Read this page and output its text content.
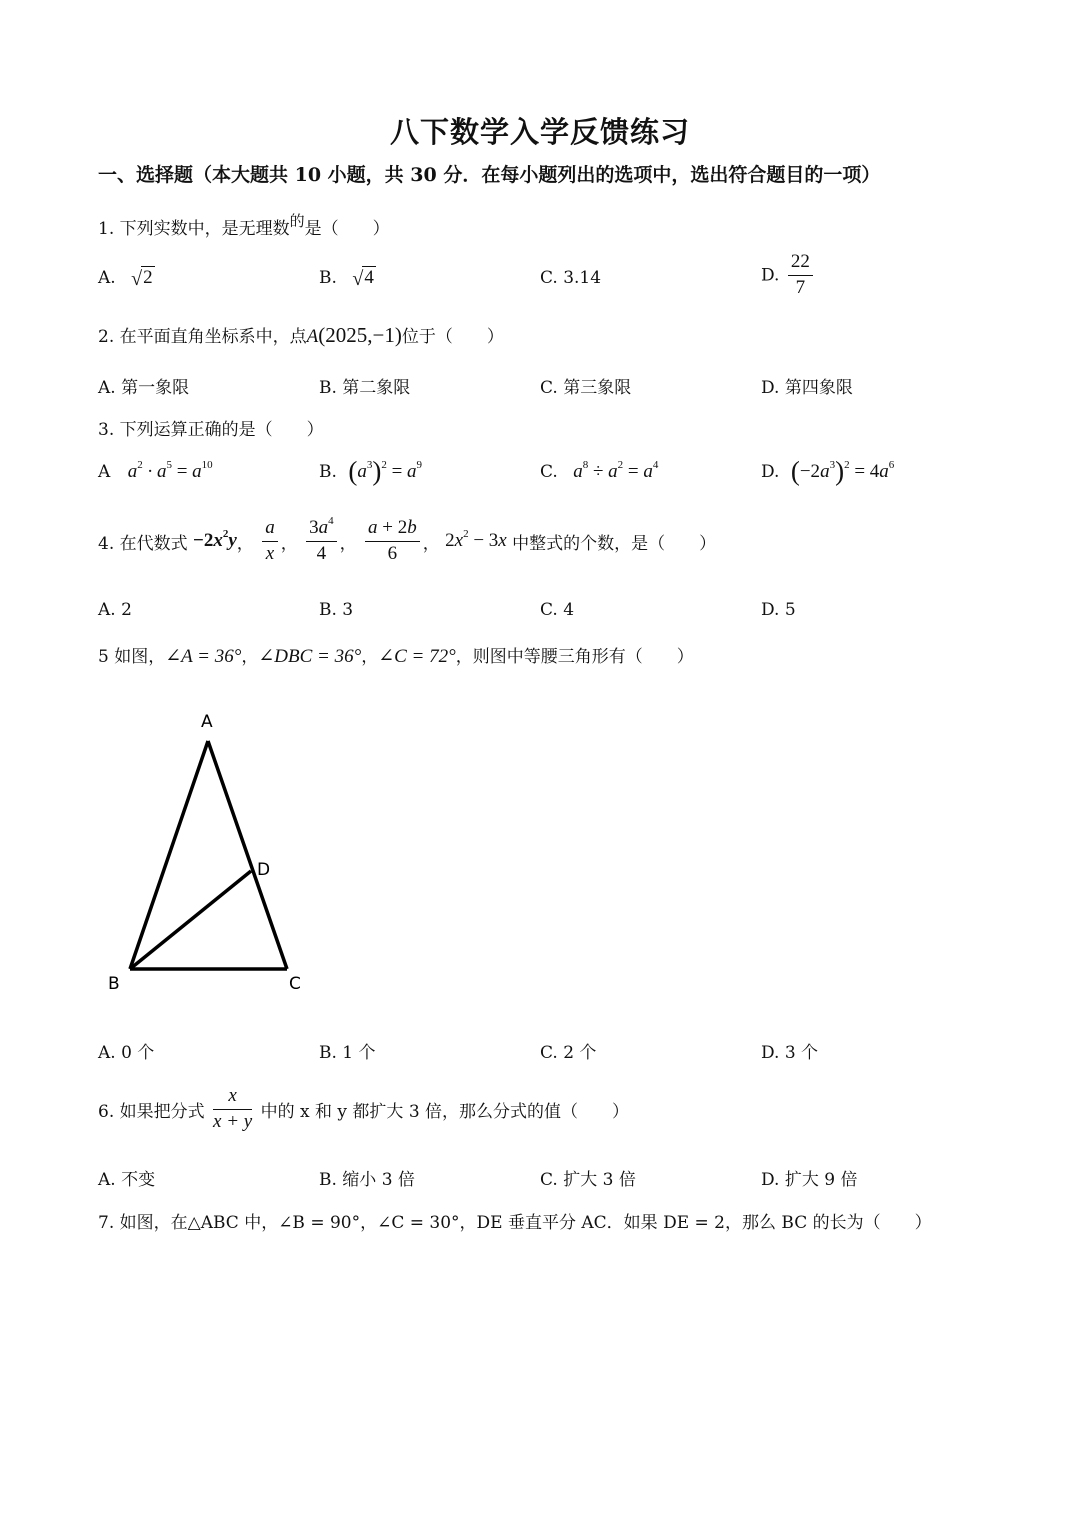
八下数学入学反馈练习
一、选择题（本大题共 10 小题，共 30 分．在每小题列出的选项中，选出符合题目的一项）
1. 下列实数中，是无理数$^的$是（　　）
A. √ 2	B. √ 4	C. 3.14	D. $\frac{22}{7}$
2. 在平面直角坐标系中，点A(2025,−1)位于（　　）
A. 第一象限	B. 第二象限	C. 第三象限	D. 第四象限
3. 下列运算正确的是（　　）
A $a^2 \cdot a^5 = a^{10}$	B. $(a^3)^2 = a^9$	C. $a^8 \div a^2 = a^4$	D. $(-2a^3)^2 = 4a^6$
4. 在代数式 $-2x^2y$， $\frac{a}{x}$ ， $\frac{3a^4}{4}$ ， $\frac{a + 2b}{6}$ ， $2x^2 - 3x$ 中整式的个数，是（　　）
A. 2	B. 3	C. 4	D. 5
5 如图，∠A = 36°，∠DBC = 36°，∠C = 72°，则图中等腰三角形有（　　）
A
D
B	C
A. 0 个	B. 1 个	C. 2 个	D. 3 个
6. 如果把分式 $\frac{x}{x + y}$ 中的 x 和 y 都扩大 3 倍，那么分式的值（　　）
A. 不变	B. 缩小 3 倍	C. 扩大 3 倍	D. 扩大 9 倍
7. 如图，在△ABC 中，∠B = 90°，∠C = 30°，DE 垂直平分 AC．如果 DE = 2，那么 BC 的长为（　　）
